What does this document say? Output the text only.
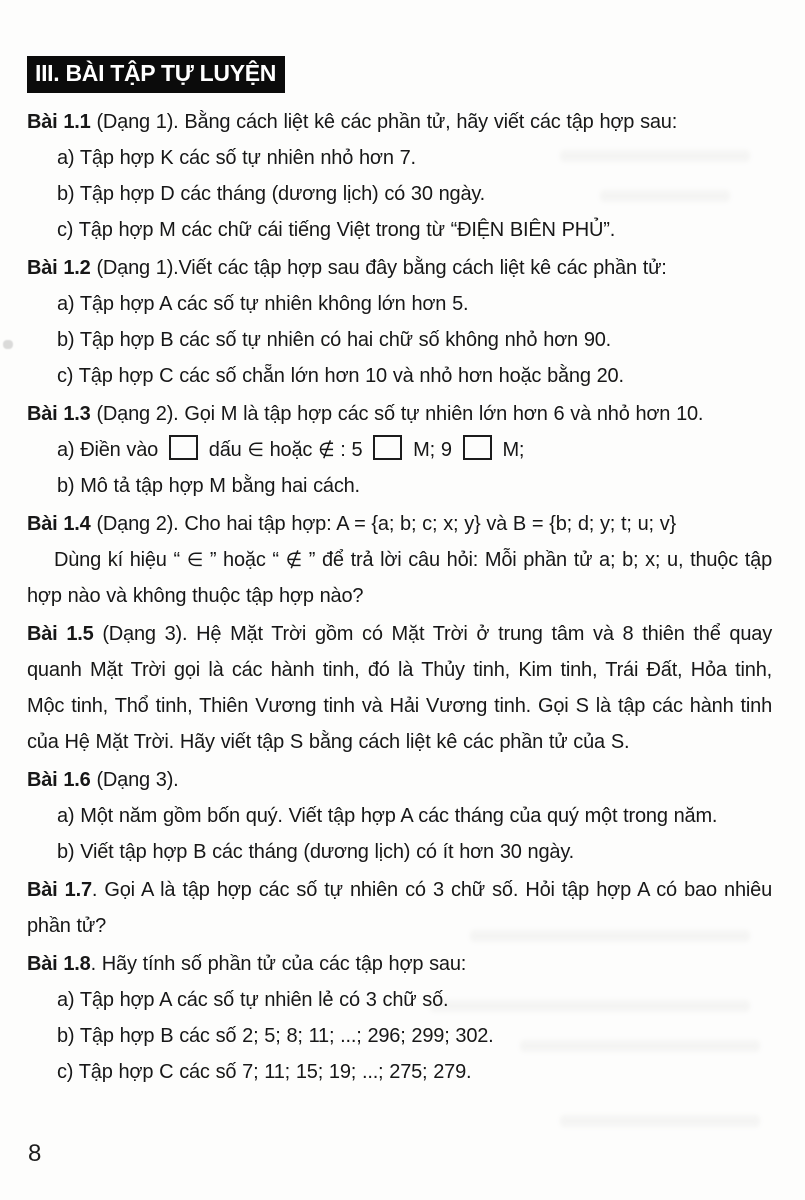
III. BÀI TẬP TỰ LUYỆN

Bài 1.1 (Dạng 1). Bằng cách liệt kê các phần tử, hãy viết các tập hợp sau:

a) Tập hợp K các số tự nhiên nhỏ hơn 7.

b) Tập hợp D các tháng (dương lịch) có 30 ngày.

c) Tập hợp M các chữ cái tiếng Việt trong từ “ĐIỆN BIÊN PHỦ”.

Bài 1.2 (Dạng 1).Viết các tập hợp sau đây bằng cách liệt kê các phần tử:

a) Tập hợp A các số tự nhiên không lớn hơn 5.

b) Tập hợp B các số tự nhiên có hai chữ số không nhỏ hơn 90.

c) Tập hợp C các số chẵn lớn hơn 10 và nhỏ hơn hoặc bằng 20.

Bài 1.3 (Dạng 2). Gọi M là tập hợp các số tự nhiên lớn hơn 6 và nhỏ hơn 10.

a) Điền vào  dấu ∈ hoặc ∉ : 5  M; 9  M;

b) Mô tả tập hợp M bằng hai cách.

Bài 1.4 (Dạng 2). Cho hai tập hợp: A = {a; b; c; x; y} và B = {b; d; y; t; u; v}

Dùng kí hiệu “ ∈ ” hoặc “ ∉ ” để trả lời câu hỏi: Mỗi phần tử a; b; x; u, thuộc tập hợp nào và không thuộc tập hợp nào?

Bài 1.5 (Dạng 3). Hệ Mặt Trời gồm có Mặt Trời ở trung tâm và 8 thiên thể quay quanh Mặt Trời gọi là các hành tinh, đó là Thủy tinh, Kim tinh, Trái Đất, Hỏa tinh, Mộc tinh, Thổ tinh, Thiên Vương tinh và Hải Vương tinh. Gọi S là tập các hành tinh của Hệ Mặt Trời. Hãy viết tập S bằng cách liệt kê các phần tử của S.

Bài 1.6 (Dạng 3).

a) Một năm gồm bốn quý. Viết tập hợp A các tháng của quý một trong năm.

b) Viết tập hợp B các tháng (dương lịch) có ít hơn 30 ngày.

Bài 1.7. Gọi A là tập hợp các số tự nhiên có 3 chữ số. Hỏi tập hợp A có bao nhiêu phần tử?

Bài 1.8. Hãy tính số phần tử của các tập hợp sau:

a) Tập hợp A các số tự nhiên lẻ có 3 chữ số.

b) Tập hợp B các số 2; 5; 8; 11; ...; 296; 299; 302.

c) Tập hợp C các số 7; 11; 15; 19; ...; 275; 279.

8
